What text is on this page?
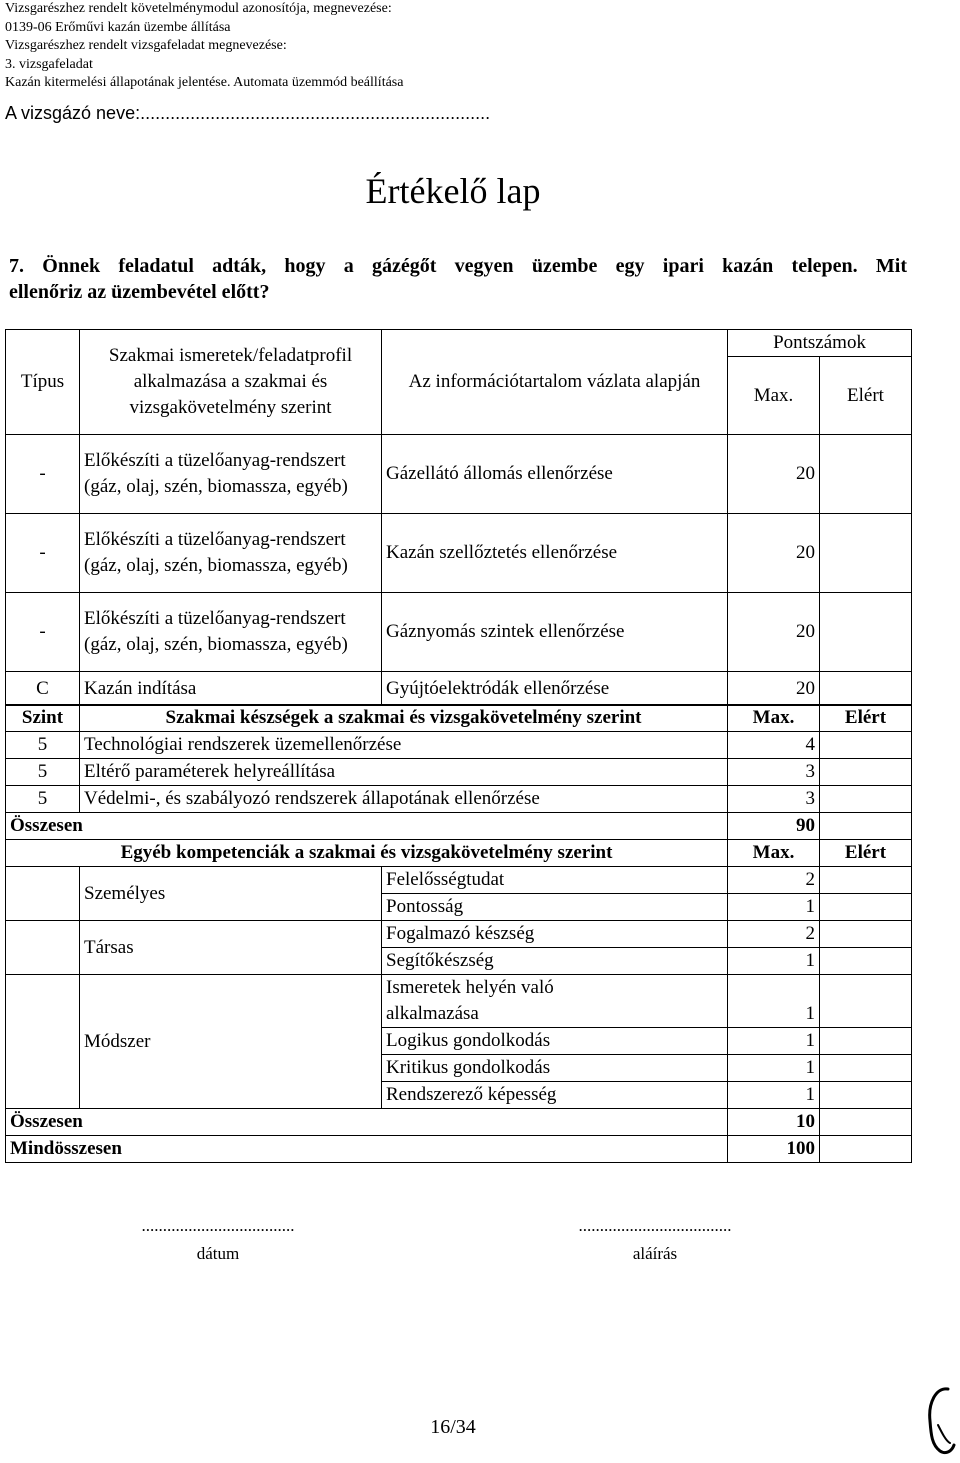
Vizsgarészhez rendelt követelménymodul azonosítója, megnevezése:
0139-06 Erőművi kazán üzembe állítása
Vizsgarészhez rendelt vizsgafeladat megnevezése:
3. vizsgafeladat
Kazán kitermelési állapotának jelentése. Automata üzemmód beállítása
A vizsgázó neve:......................................................................
Értékelő lap
7. Önnek feladatul adták, hogy a gázégőt vegyen üzembe egy ipari kazán telepen. Mit
ellenőriz az üzembevétel előtt?
Típus	Szakmai ismeretek/feladatprofil alkalmazása a szakmai és vizsgakövetelmény szerint	Az információtartalom vázlata alapján	Pontszámok	
			Max.	Elért
-	Előkészíti a tüzelőanyag-rendszert (gáz, olaj, szén, biomassza, egyéb)	Gázellátó állomás ellenőrzése	20	
-	Előkészíti a tüzelőanyag-rendszert (gáz, olaj, szén, biomassza, egyéb)	Kazán szellőztetés ellenőrzése	20	
-	Előkészíti a tüzelőanyag-rendszert (gáz, olaj, szén, biomassza, egyéb)	Gáznyomás szintek ellenőrzése	20	
C	Kazán indítása	Gyújtóelektródák ellenőrzése	20	
Szint	Szakmai készségek a szakmai és vizsgakövetelmény szerint		Max.	Elért
5	Technológiai rendszerek üzemellenőrzése		4	
5	Eltérő paraméterek helyreállítása		3	
5	Védelmi-, és szabályozó rendszerek állapotának ellenőrzése		3	
Összesen			90	
Egyéb kompetenciák a szakmai és vizsgakövetelmény szerint			Max.	Elért
	Személyes	Felelősségtudat	2	
		Pontosság	1	
	Társas	Fogalmazó készség	2	
		Segítőkészség	1	
	Módszer	Ismeretek helyén való alkalmazása	1	
		Logikus gondolkodás	1	
		Kritikus gondolkodás	1	
		Rendszerező képesség	1	
Összesen			10	
Mindösszesen			100	
....................................
dátum
....................................
aláírás
16/34
